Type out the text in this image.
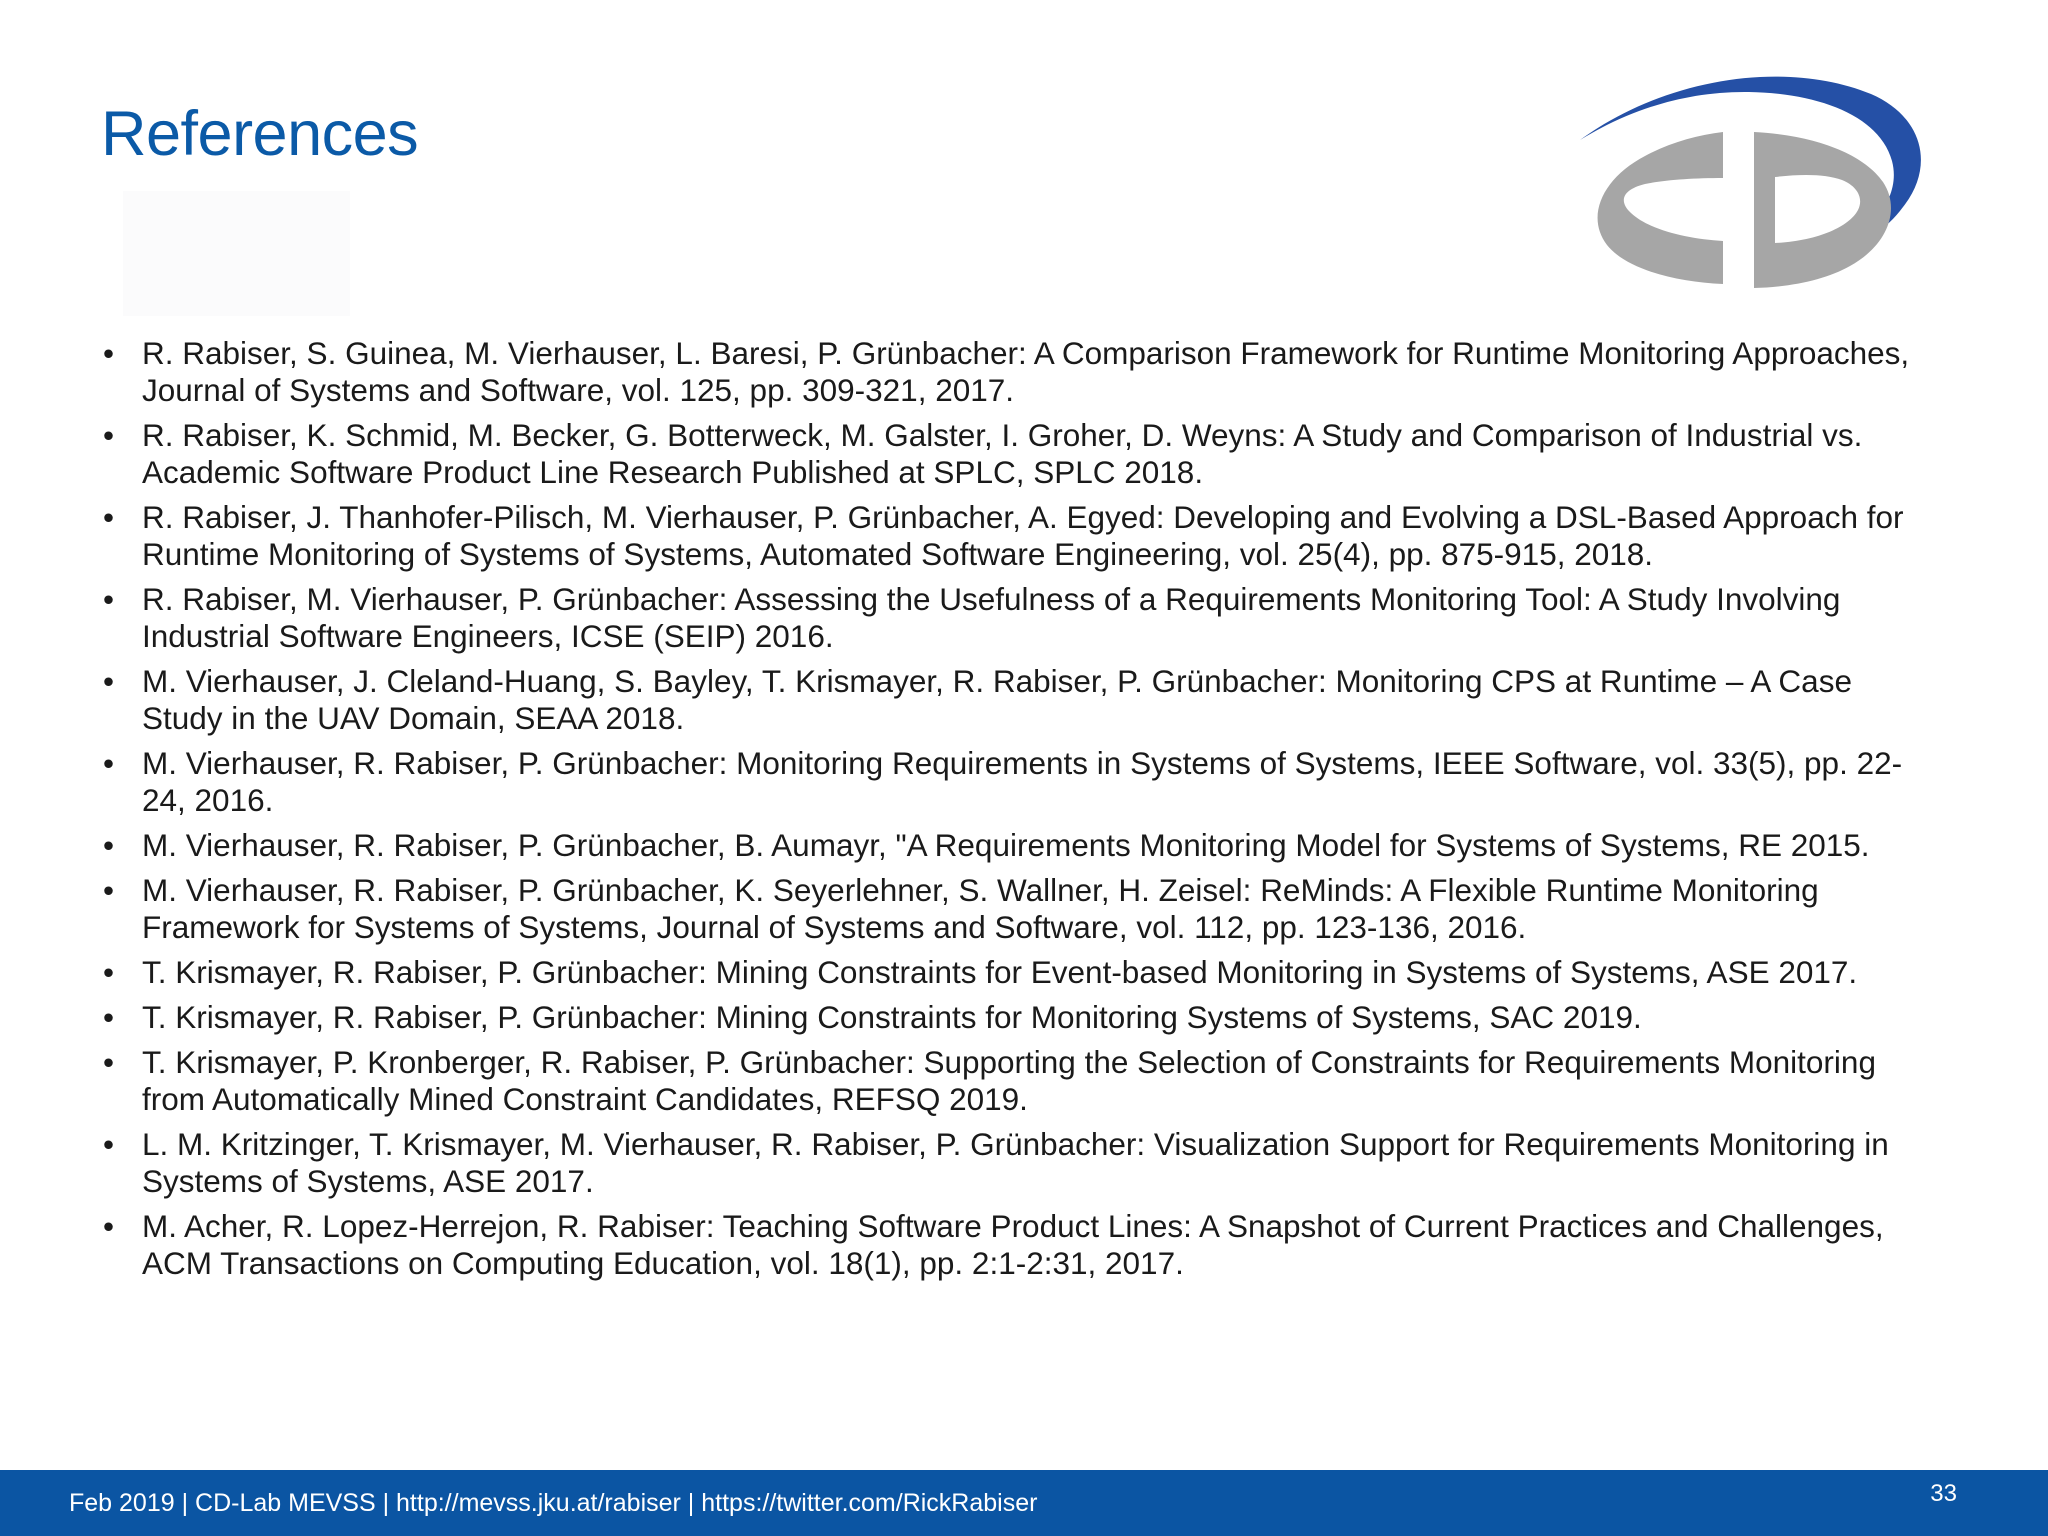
References
• R. Rabiser, S. Guinea, M. Vierhauser, L. Baresi, P. Grünbacher: A Comparison Framework for Runtime Monitoring Approaches, Journal of Systems and Software, vol. 125, pp. 309-321, 2017.
• R. Rabiser, K. Schmid, M. Becker, G. Botterweck, M. Galster, I. Groher, D. Weyns: A Study and Comparison of Industrial vs. Academic Software Product Line Research Published at SPLC, SPLC 2018.
• R. Rabiser, J. Thanhofer-Pilisch, M. Vierhauser, P. Grünbacher, A. Egyed: Developing and Evolving a DSL-Based Approach for Runtime Monitoring of Systems of Systems, Automated Software Engineering, vol. 25(4), pp. 875-915, 2018.
• R. Rabiser, M. Vierhauser, P. Grünbacher: Assessing the Usefulness of a Requirements Monitoring Tool: A Study Involving Industrial Software Engineers, ICSE (SEIP) 2016.
• M. Vierhauser, J. Cleland-Huang, S. Bayley, T. Krismayer, R. Rabiser, P. Grünbacher: Monitoring CPS at Runtime – A Case Study in the UAV Domain, SEAA 2018.
• M. Vierhauser, R. Rabiser, P. Grünbacher: Monitoring Requirements in Systems of Systems, IEEE Software, vol. 33(5), pp. 22-24, 2016.
• M. Vierhauser, R. Rabiser, P. Grünbacher, B. Aumayr, "A Requirements Monitoring Model for Systems of Systems, RE 2015.
• M. Vierhauser, R. Rabiser, P. Grünbacher, K. Seyerlehner, S. Wallner, H. Zeisel: ReMinds: A Flexible Runtime Monitoring Framework for Systems of Systems, Journal of Systems and Software, vol. 112, pp. 123-136, 2016.
• T. Krismayer, R. Rabiser, P. Grünbacher: Mining Constraints for Event-based Monitoring in Systems of Systems, ASE 2017.
• T. Krismayer, R. Rabiser, P. Grünbacher: Mining Constraints for Monitoring Systems of Systems, SAC 2019.
• T. Krismayer, P. Kronberger, R. Rabiser, P. Grünbacher: Supporting the Selection of Constraints for Requirements Monitoring from Automatically Mined Constraint Candidates, REFSQ 2019.
• L. M. Kritzinger, T. Krismayer, M. Vierhauser, R. Rabiser, P. Grünbacher: Visualization Support for Requirements Monitoring in Systems of Systems, ASE 2017.
• M. Acher, R. Lopez-Herrejon, R. Rabiser: Teaching Software Product Lines: A Snapshot of Current Practices and Challenges, ACM Transactions on Computing Education, vol. 18(1), pp. 2:1-2:31, 2017.
Feb 2019 | CD-Lab MEVSS | http://mevss.jku.at/rabiser | https://twitter.com/RickRabiser	33
